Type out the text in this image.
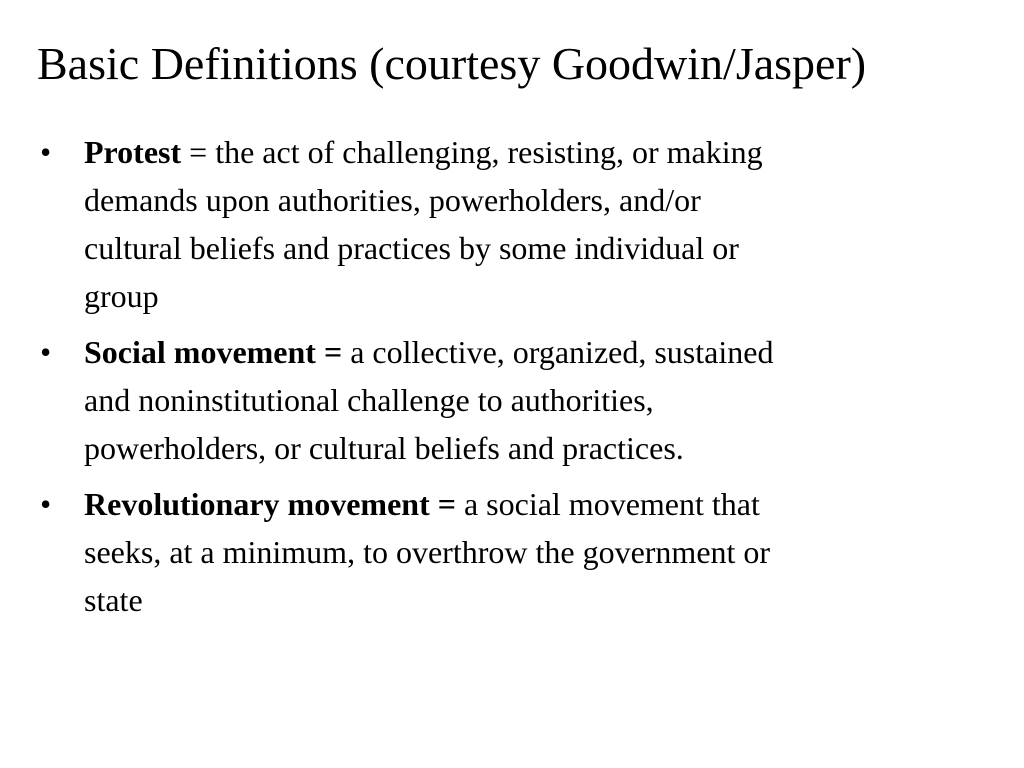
Basic Definitions (courtesy Goodwin/Jasper)
• Protest = the act of challenging, resisting, or making
demands upon authorities, powerholders, and/or
cultural beliefs and practices by some individual or
group
• Social movement = a collective, organized, sustained
and noninstitutional challenge to authorities,
powerholders, or cultural beliefs and practices.
• Revolutionary movement = a social movement that
seeks, at a minimum, to overthrow the government or
state
